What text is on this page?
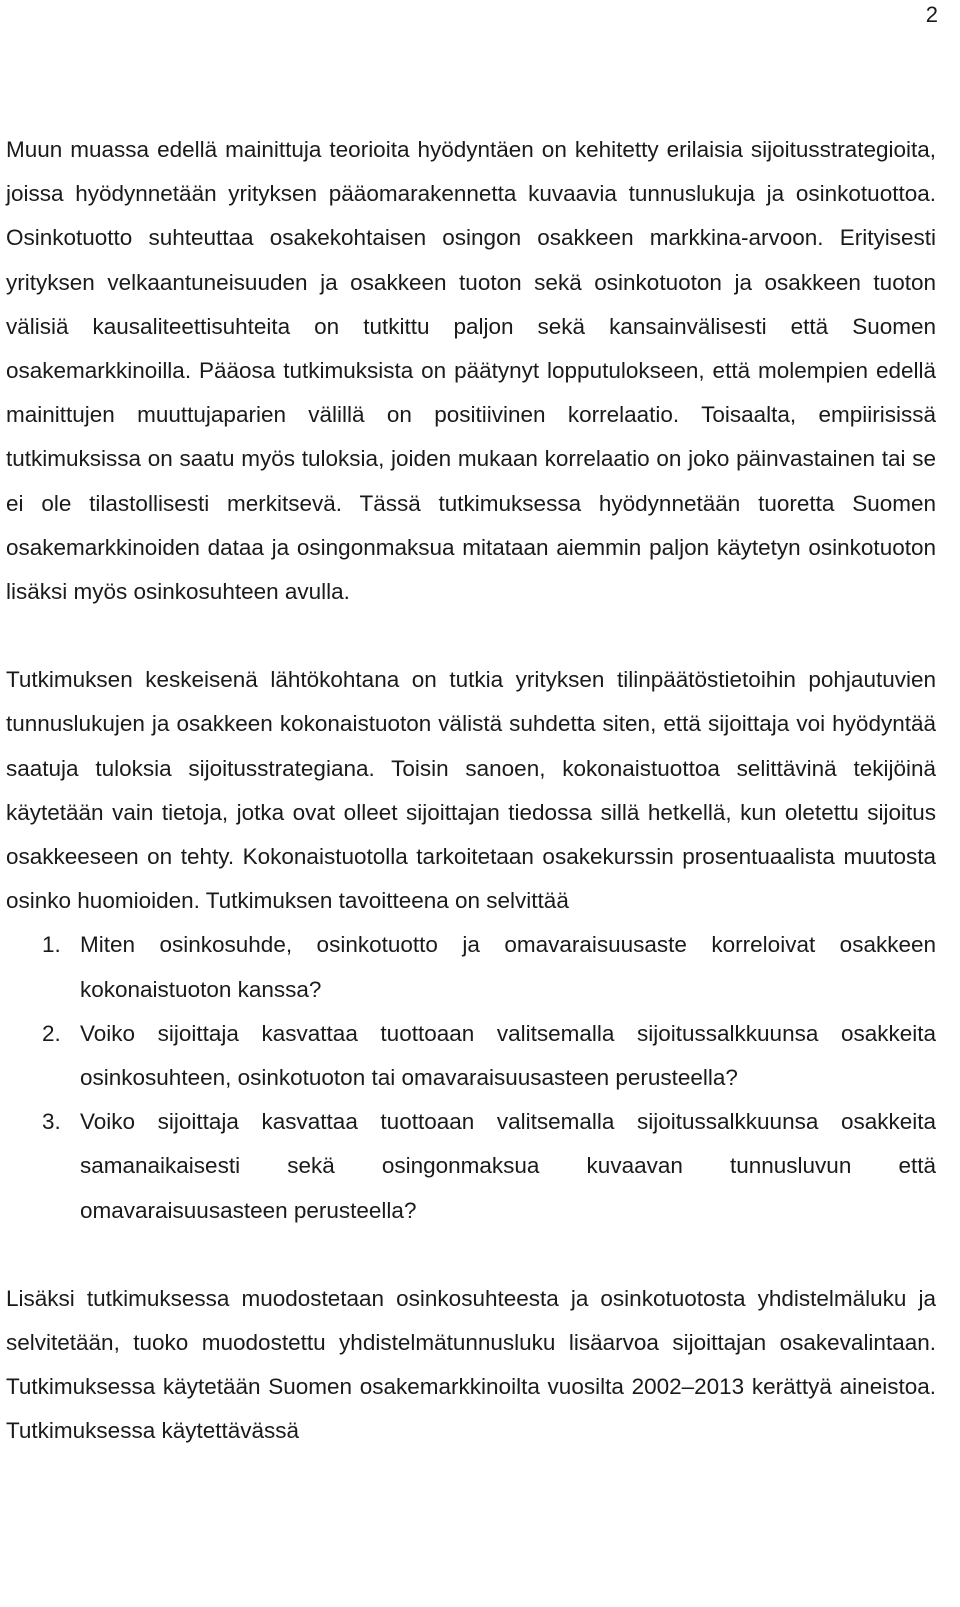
2

Muun muassa edellä mainittuja teorioita hyödyntäen on kehitetty erilaisia sijoitusstrategioita, joissa hyödynnetään yrityksen pääomarakennetta kuvaavia tunnuslukuja ja osinkotuottoa. Osinkotuotto suhteuttaa osakekohtaisen osingon osakkeen markkina-arvoon. Erityisesti yrityksen velkaantuneisuuden ja osakkeen tuoton sekä osinkotuoton ja osakkeen tuoton välisiä kausaliteettisuhteita on tutkittu paljon sekä kansainvälisesti että Suomen osakemarkkinoilla. Pääosa tutkimuksista on päätynyt lopputulokseen, että molempien edellä mainittujen muuttujaparien välillä on positiivinen korrelaatio. Toisaalta, empiirisissä tutkimuksissa on saatu myös tuloksia, joiden mukaan korrelaatio on joko päinvastainen tai se ei ole tilastollisesti merkitsevä. Tässä tutkimuksessa hyödynnetään tuoretta Suomen osakemarkkinoiden dataa ja osingonmaksua mitataan aiemmin paljon käytetyn osinkotuoton lisäksi myös osinkosuhteen avulla.

Tutkimuksen keskeisenä lähtökohtana on tutkia yrityksen tilinpäätöstietoihin pohjautuvien tunnuslukujen ja osakkeen kokonaistuoton välistä suhdetta siten, että sijoittaja voi hyödyntää saatuja tuloksia sijoitusstrategiana. Toisin sanoen, kokonaistuottoa selittävinä tekijöinä käytetään vain tietoja, jotka ovat olleet sijoittajan tiedossa sillä hetkellä, kun oletettu sijoitus osakkeeseen on tehty. Kokonaistuotolla tarkoitetaan osakekurssin prosentuaalista muutosta osinko huomioiden. Tutkimuksen tavoitteena on selvittää

1. Miten osinkosuhde, osinkotuotto ja omavaraisuusaste korreloivat osakkeen kokonaistuoton kanssa?
2. Voiko sijoittaja kasvattaa tuottoaan valitsemalla sijoitussalkkuunsa osakkeita osinkosuhteen, osinkotuoton tai omavaraisuusasteen perusteella?
3. Voiko sijoittaja kasvattaa tuottoaan valitsemalla sijoitussalkkuunsa osakkeita samanaikaisesti sekä osingonmaksua kuvaavan tunnusluvun että omavaraisuusasteen perusteella?

Lisäksi tutkimuksessa muodostetaan osinkosuhteesta ja osinkotuotosta yhdistelmäluku ja selvitetään, tuoko muodostettu yhdistelmätunnusluku lisäarvoa sijoittajan osakevalintaan. Tutkimuksessa käytetään Suomen osakemarkkinoilta vuosilta 2002–2013 kerättyä aineistoa. Tutkimuksessa käytettävässä
